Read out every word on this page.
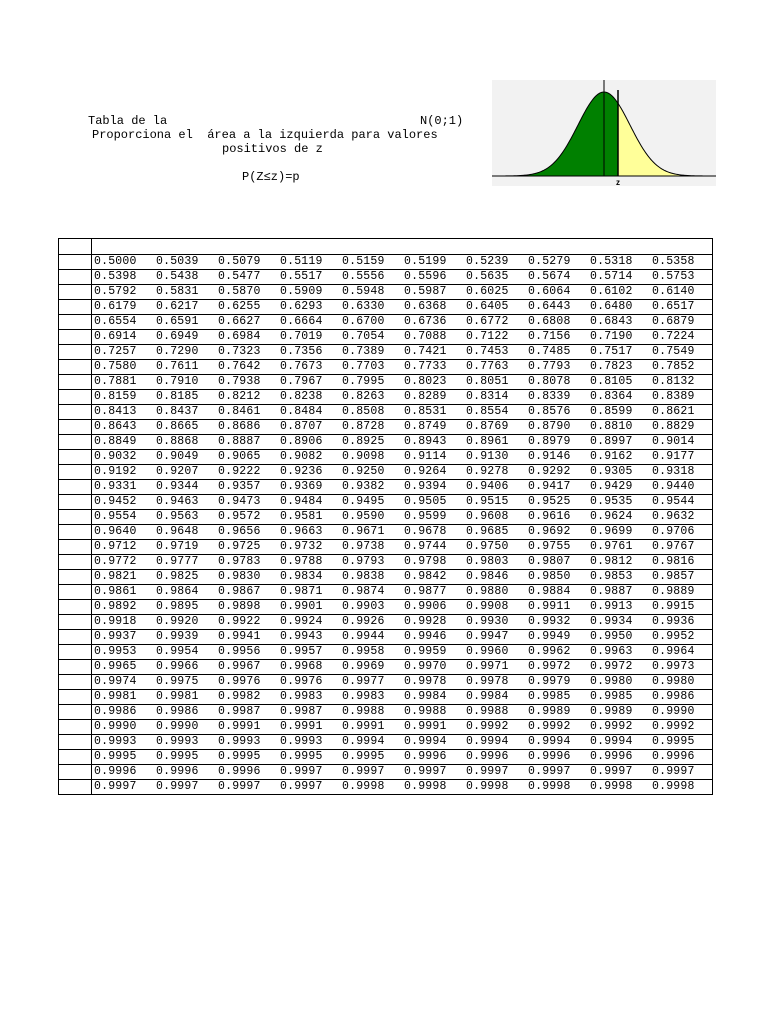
Tabla de la	N(0;1)
Proporciona el  área a la izquierda para valores
positivos de z
P(Z≤z)=p	z

	0.5000	0.5039	0.5079	0.5119	0.5159	0.5199	0.5239	0.5279	0.5318	0.5358
	0.5398	0.5438	0.5477	0.5517	0.5556	0.5596	0.5635	0.5674	0.5714	0.5753
	0.5792	0.5831	0.5870	0.5909	0.5948	0.5987	0.6025	0.6064	0.6102	0.6140
	0.6179	0.6217	0.6255	0.6293	0.6330	0.6368	0.6405	0.6443	0.6480	0.6517
	0.6554	0.6591	0.6627	0.6664	0.6700	0.6736	0.6772	0.6808	0.6843	0.6879
	0.6914	0.6949	0.6984	0.7019	0.7054	0.7088	0.7122	0.7156	0.7190	0.7224
	0.7257	0.7290	0.7323	0.7356	0.7389	0.7421	0.7453	0.7485	0.7517	0.7549
	0.7580	0.7611	0.7642	0.7673	0.7703	0.7733	0.7763	0.7793	0.7823	0.7852
	0.7881	0.7910	0.7938	0.7967	0.7995	0.8023	0.8051	0.8078	0.8105	0.8132
	0.8159	0.8185	0.8212	0.8238	0.8263	0.8289	0.8314	0.8339	0.8364	0.8389
	0.8413	0.8437	0.8461	0.8484	0.8508	0.8531	0.8554	0.8576	0.8599	0.8621
	0.8643	0.8665	0.8686	0.8707	0.8728	0.8749	0.8769	0.8790	0.8810	0.8829
	0.8849	0.8868	0.8887	0.8906	0.8925	0.8943	0.8961	0.8979	0.8997	0.9014
	0.9032	0.9049	0.9065	0.9082	0.9098	0.9114	0.9130	0.9146	0.9162	0.9177
	0.9192	0.9207	0.9222	0.9236	0.9250	0.9264	0.9278	0.9292	0.9305	0.9318
	0.9331	0.9344	0.9357	0.9369	0.9382	0.9394	0.9406	0.9417	0.9429	0.9440
	0.9452	0.9463	0.9473	0.9484	0.9495	0.9505	0.9515	0.9525	0.9535	0.9544
	0.9554	0.9563	0.9572	0.9581	0.9590	0.9599	0.9608	0.9616	0.9624	0.9632
	0.9640	0.9648	0.9656	0.9663	0.9671	0.9678	0.9685	0.9692	0.9699	0.9706
	0.9712	0.9719	0.9725	0.9732	0.9738	0.9744	0.9750	0.9755	0.9761	0.9767
	0.9772	0.9777	0.9783	0.9788	0.9793	0.9798	0.9803	0.9807	0.9812	0.9816
	0.9821	0.9825	0.9830	0.9834	0.9838	0.9842	0.9846	0.9850	0.9853	0.9857
	0.9861	0.9864	0.9867	0.9871	0.9874	0.9877	0.9880	0.9884	0.9887	0.9889
	0.9892	0.9895	0.9898	0.9901	0.9903	0.9906	0.9908	0.9911	0.9913	0.9915
	0.9918	0.9920	0.9922	0.9924	0.9926	0.9928	0.9930	0.9932	0.9934	0.9936
	0.9937	0.9939	0.9941	0.9943	0.9944	0.9946	0.9947	0.9949	0.9950	0.9952
	0.9953	0.9954	0.9956	0.9957	0.9958	0.9959	0.9960	0.9962	0.9963	0.9964
	0.9965	0.9966	0.9967	0.9968	0.9969	0.9970	0.9971	0.9972	0.9972	0.9973
	0.9974	0.9975	0.9976	0.9976	0.9977	0.9978	0.9978	0.9979	0.9980	0.9980
	0.9981	0.9981	0.9982	0.9983	0.9983	0.9984	0.9984	0.9985	0.9985	0.9986
	0.9986	0.9986	0.9987	0.9987	0.9988	0.9988	0.9988	0.9989	0.9989	0.9990
	0.9990	0.9990	0.9991	0.9991	0.9991	0.9991	0.9992	0.9992	0.9992	0.9992
	0.9993	0.9993	0.9993	0.9993	0.9994	0.9994	0.9994	0.9994	0.9994	0.9995
	0.9995	0.9995	0.9995	0.9995	0.9995	0.9996	0.9996	0.9996	0.9996	0.9996
	0.9996	0.9996	0.9996	0.9997	0.9997	0.9997	0.9997	0.9997	0.9997	0.9997
	0.9997	0.9997	0.9997	0.9997	0.9998	0.9998	0.9998	0.9998	0.9998	0.9998
